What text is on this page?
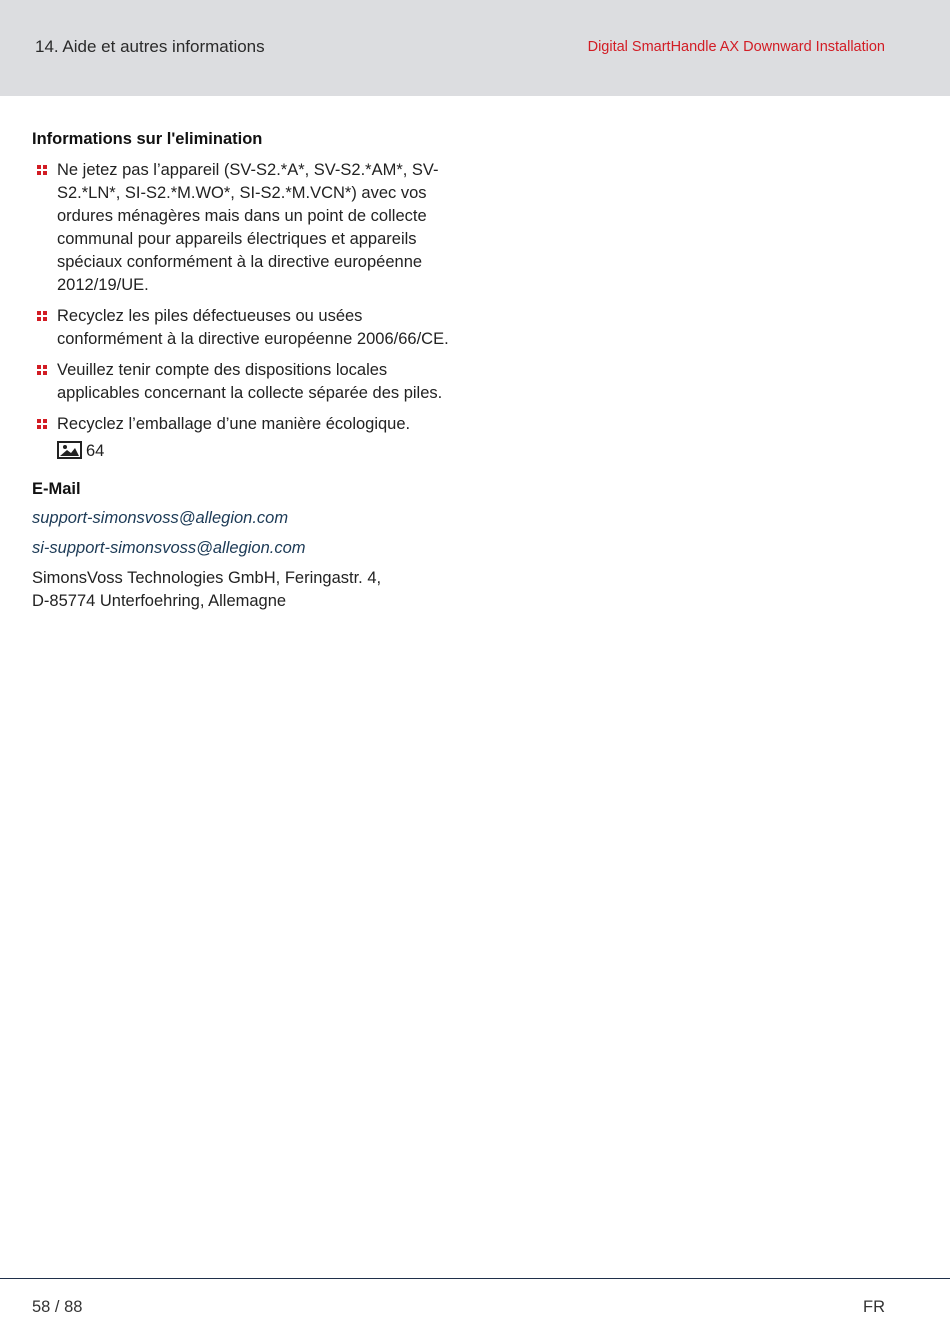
14. Aide et autres informations	Digital SmartHandle AX Downward Installation
Informations sur l'elimination
Ne jetez pas l’appareil (SV-S2.*A*, SV-S2.*AM*, SV-S2.*LN*, SI-S2.*M.WO*, SI-S2.*M.VCN*) avec vos ordures ménagères mais dans un point de collecte communal pour appareils électriques et appareils spéciaux conformément à la directive européenne 2012/19/UE.
Recyclez les piles défectueuses ou usées conformément à la directive européenne 2006/66/CE.
Veuillez tenir compte des dispositions locales applicables concernant la collecte séparée des piles.
Recyclez l’emballage d’une manière écologique.
64
E-Mail
support-simonsvoss@allegion.com
si-support-simonsvoss@allegion.com
SimonsVoss Technologies GmbH, Feringastr. 4,
D-85774 Unterfoehring, Allemagne
58 / 88	FR
